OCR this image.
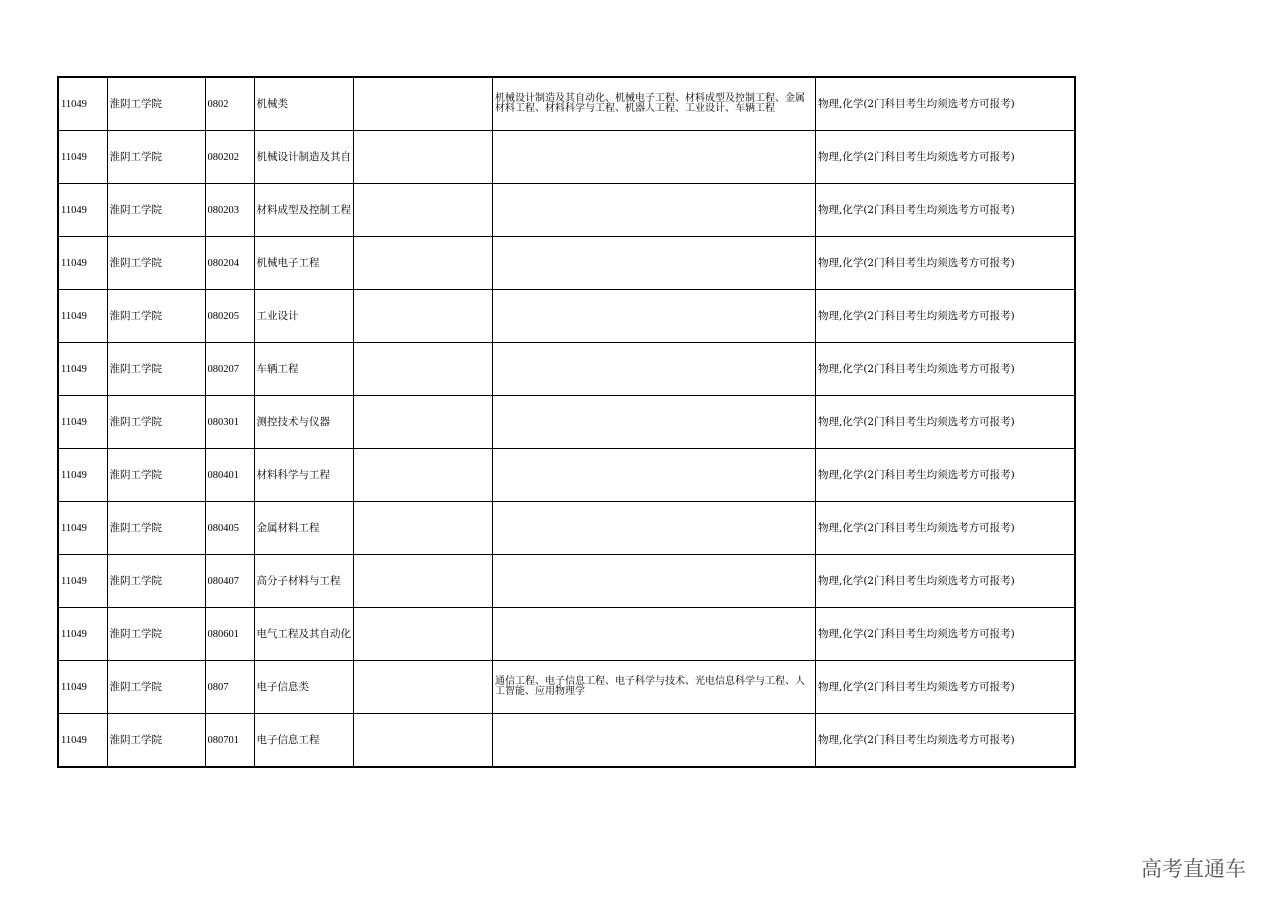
11049	淮阴工学院	0802	机械类		机械设计制造及其自动化、机械电子工程、材料成型及控制工程、金属材料工程、材料科学与工程、机器人工程、工业设计、车辆工程	物理,化学(2门科目考生均须选考方可报考)
11049	淮阴工学院	080202	机械设计制造及其自			物理,化学(2门科目考生均须选考方可报考)
11049	淮阴工学院	080203	材料成型及控制工程			物理,化学(2门科目考生均须选考方可报考)
11049	淮阴工学院	080204	机械电子工程			物理,化学(2门科目考生均须选考方可报考)
11049	淮阴工学院	080205	工业设计			物理,化学(2门科目考生均须选考方可报考)
11049	淮阴工学院	080207	车辆工程			物理,化学(2门科目考生均须选考方可报考)
11049	淮阴工学院	080301	测控技术与仪器			物理,化学(2门科目考生均须选考方可报考)
11049	淮阴工学院	080401	材料科学与工程			物理,化学(2门科目考生均须选考方可报考)
11049	淮阴工学院	080405	金属材料工程			物理,化学(2门科目考生均须选考方可报考)
11049	淮阴工学院	080407	高分子材料与工程			物理,化学(2门科目考生均须选考方可报考)
11049	淮阴工学院	080601	电气工程及其自动化			物理,化学(2门科目考生均须选考方可报考)
11049	淮阴工学院	0807	电子信息类		通信工程、电子信息工程、电子科学与技术、光电信息科学与工程、人工智能、应用物理学	物理,化学(2门科目考生均须选考方可报考)
11049	淮阴工学院	080701	电子信息工程			物理,化学(2门科目考生均须选考方可报考)
高考直通车
